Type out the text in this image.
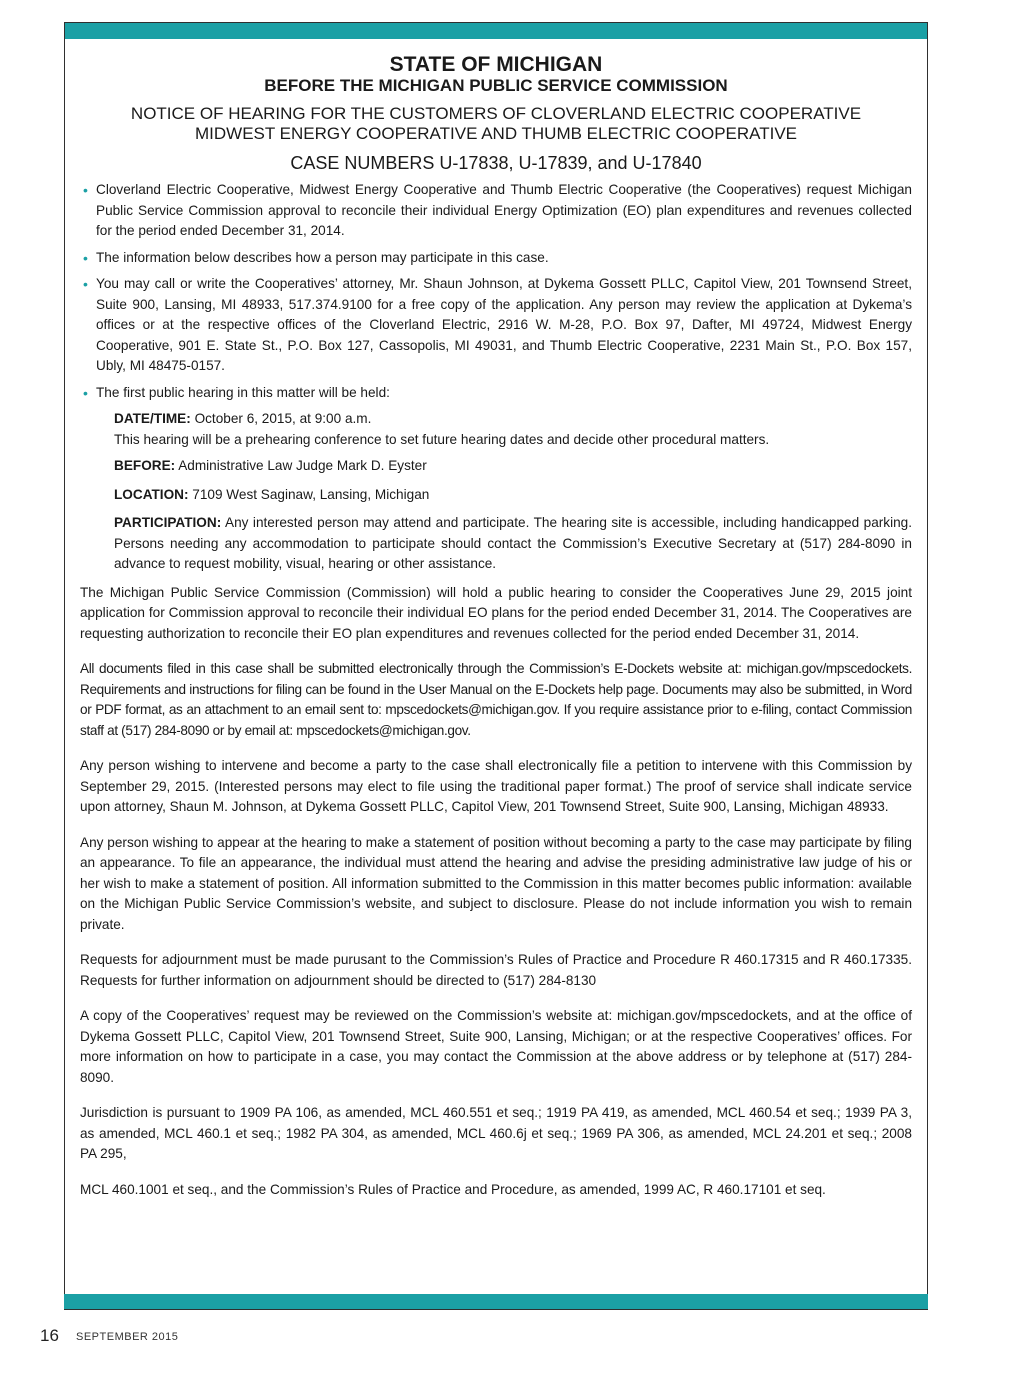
STATE OF MICHIGAN
BEFORE THE MICHIGAN PUBLIC SERVICE COMMISSION
NOTICE OF HEARING FOR THE CUSTOMERS OF CLOVERLAND ELECTRIC COOPERATIVE MIDWEST ENERGY COOPERATIVE AND THUMB ELECTRIC COOPERATIVE
CASE NUMBERS U-17838, U-17839, and U-17840
• Cloverland Electric Cooperative, Midwest Energy Cooperative and Thumb Electric Cooperative (the Cooperatives) request Michigan Public Service Commission approval to reconcile their individual Energy Optimization (EO) plan expenditures and revenues collected for the period ended December 31, 2014.
• The information below describes how a person may participate in this case.
• You may call or write the Cooperatives’ attorney, Mr. Shaun Johnson, at Dykema Gossett PLLC, Capitol View, 201 Townsend Street, Suite 900, Lansing, MI 48933, 517.374.9100 for a free copy of the application. Any person may review the application at Dykema’s offices or at the respective offices of the Cloverland Electric, 2916 W. M-28, P.O. Box 97, Dafter, MI 49724, Midwest Energy Cooperative, 901 E. State St., P.O. Box 127, Cassopolis, MI 49031, and Thumb Electric Cooperative, 2231 Main St., P.O. Box 157, Ubly, MI 48475-0157.
• The first public hearing in this matter will be held:
DATE/TIME: October 6, 2015, at 9:00 a.m.
This hearing will be a prehearing conference to set future hearing dates and decide other procedural matters.
BEFORE: Administrative Law Judge Mark D. Eyster
LOCATION: 7109 West Saginaw, Lansing, Michigan
PARTICIPATION: Any interested person may attend and participate. The hearing site is accessible, including handicapped parking. Persons needing any accommodation to participate should contact the Commission’s Executive Secretary at (517) 284-8090 in advance to request mobility, visual, hearing or other assistance.

The Michigan Public Service Commission (Commission) will hold a public hearing to consider the Cooperatives June 29, 2015 joint application for Commission approval to reconcile their individual EO plans for the period ended December 31, 2014. The Cooperatives are requesting authorization to reconcile their EO plan expenditures and revenues collected for the period ended December 31, 2014.

All documents filed in this case shall be submitted electronically through the Commission’s E-Dockets website at: michigan.gov/mpscedockets. Requirements and instructions for filing can be found in the User Manual on the E-Dockets help page. Documents may also be submitted, in Word or PDF format, as an attachment to an email sent to: mpscedockets@michigan.gov. If you require assistance prior to e-filing, contact Commission staff at (517) 284-8090 or by email at: mpscedockets@michigan.gov.

Any person wishing to intervene and become a party to the case shall electronically file a petition to intervene with this Commission by September 29, 2015. (Interested persons may elect to file using the traditional paper format.) The proof of service shall indicate service upon attorney, Shaun M. Johnson, at Dykema Gossett PLLC, Capitol View, 201 Townsend Street, Suite 900, Lansing, Michigan 48933.

Any person wishing to appear at the hearing to make a statement of position without becoming a party to the case may participate by filing an appearance. To file an appearance, the individual must attend the hearing and advise the presiding administrative law judge of his or her wish to make a statement of position. All information submitted to the Commission in this matter becomes public information: available on the Michigan Public Service Commission’s website, and subject to disclosure. Please do not include information you wish to remain private.

Requests for adjournment must be made purusant to the Commission’s Rules of Practice and Procedure R 460.17315 and R 460.17335. Requests for further information on adjournment should be directed to (517) 284-8130

A copy of the Cooperatives’ request may be reviewed on the Commission’s website at: michigan.gov/mpscedockets, and at the office of Dykema Gossett PLLC, Capitol View, 201 Townsend Street, Suite 900, Lansing, Michigan; or at the respective Cooperatives’ offices. For more information on how to participate in a case, you may contact the Commission at the above address or by telephone at (517) 284-8090.

Jurisdiction is pursuant to 1909 PA 106, as amended, MCL 460.551 et seq.; 1919 PA 419, as amended, MCL 460.54 et seq.; 1939 PA 3, as amended, MCL 460.1 et seq.; 1982 PA 304, as amended, MCL 460.6j et seq.; 1969 PA 306, as amended, MCL 24.201 et seq.; 2008 PA 295,

MCL 460.1001 et seq., and the Commission’s Rules of Practice and Procedure, as amended, 1999 AC, R 460.17101 et seq.

16 SEPTEMBER 2015
